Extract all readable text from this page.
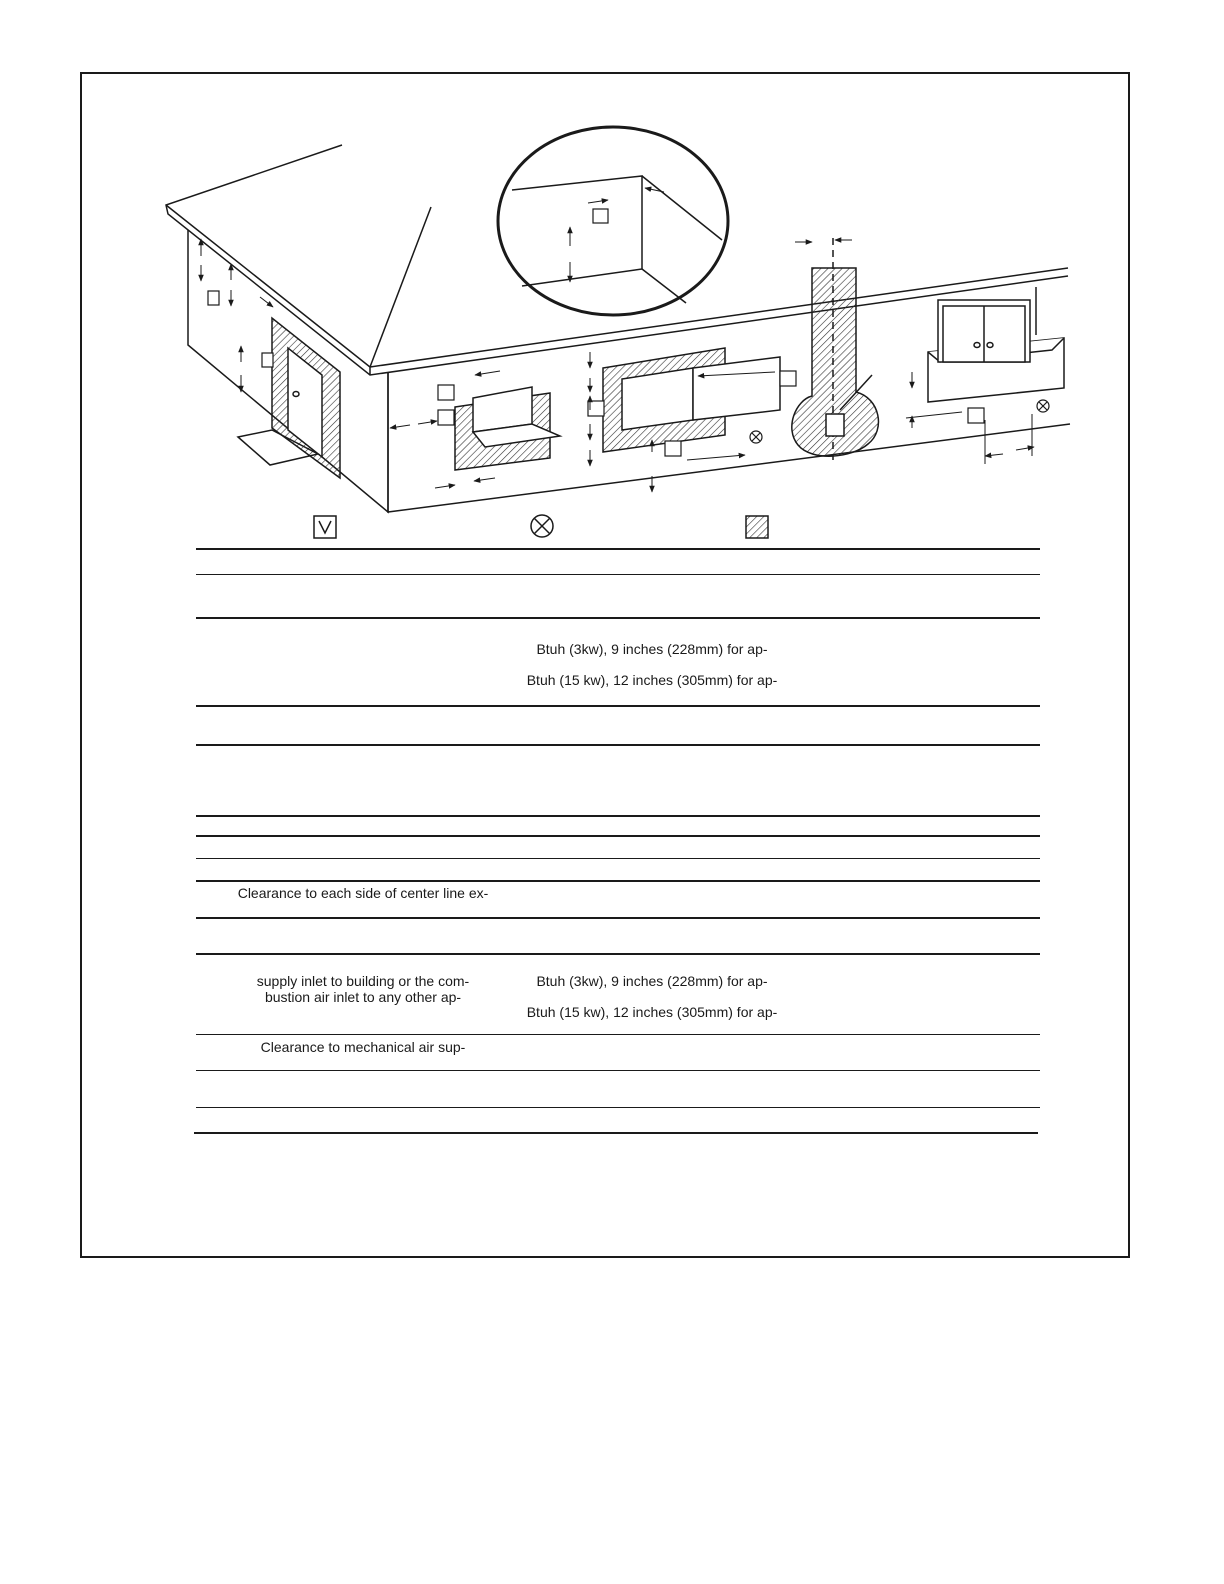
Btuh (3kw), 9 inches (228mm) for ap-
Btuh (15 kw), 12 inches (305mm) for ap-
Clearance to each side of center line ex-
supply inlet to building or the com-
bustion air inlet to any other ap-
Btuh (3kw), 9 inches (228mm) for ap-
Btuh (15 kw), 12 inches (305mm) for ap-
Clearance to mechanical air sup-
